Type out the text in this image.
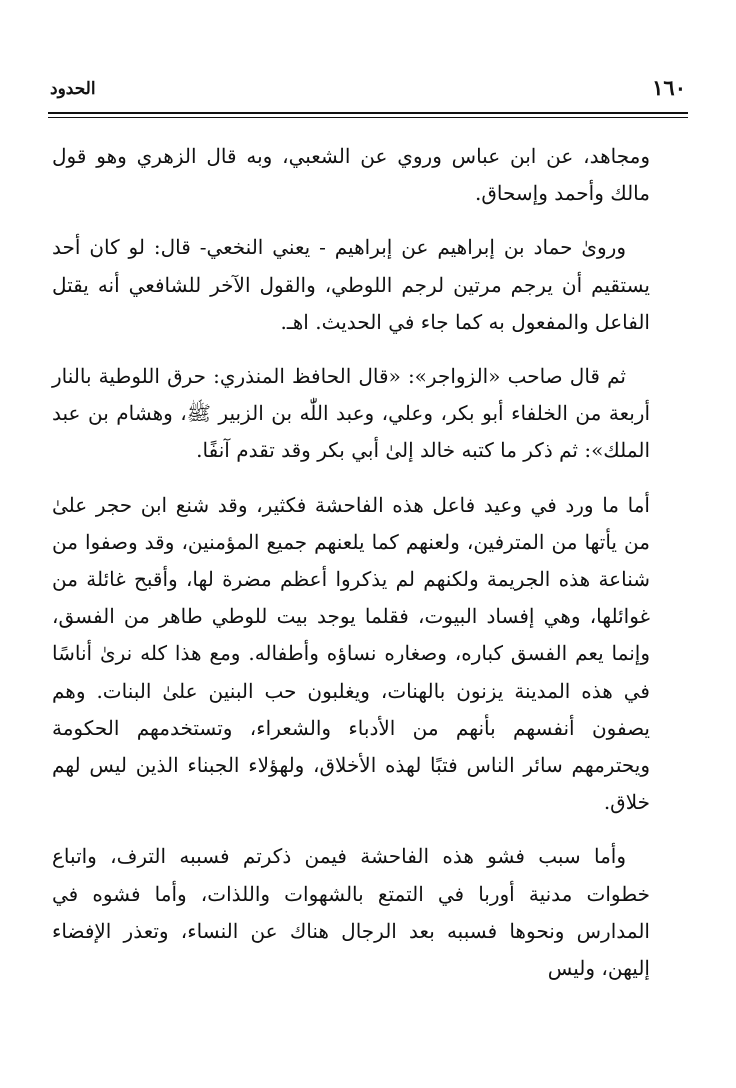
١٦٠
الحدود

ومجاهد، عن ابن عباس وروي عن الشعبي، وبه قال الزهري وهو قول مالك وأحمد وإسحاق.

ورویٰ حماد بن إبراهيم عن إبراهيم - يعني النخعي- قال: لو كان أحد يستقيم أن يرجم مرتين لرجم اللوطي، والقول الآخر للشافعي أنه يقتل الفاعل والمفعول به كما جاء في الحديث. اهـ.

ثم قال صاحب «الزواجر»: «قال الحافظ المنذري: حرق اللوطية بالنار أربعة من الخلفاء أبو بكر، وعلي، وعبد اللّٰه بن الزبير ﷺ، وهشام بن عبد الملك»: ثم ذكر ما كتبه خالد إلىٰ أبي بكر وقد تقدم آنفًا.

أما ما ورد في وعيد فاعل هذه الفاحشة فكثير، وقد شنع ابن حجر علىٰ من يأتها من المترفين، ولعنهم كما يلعنهم جميع المؤمنين، وقد وصفوا من شناعة هذه الجريمة ولكنهم لم يذكروا أعظم مضرة لها، وأقبح غائلة من غوائلها، وهي إفساد البيوت، فقلما يوجد بيت للوطي طاهر من الفسق، وإنما يعم الفسق كباره، وصغاره نساؤه وأطفاله. ومع هذا كله نرىٰ أناسًا في هذه المدينة يزنون بالهنات، ويغلبون حب البنين علىٰ البنات. وهم يصفون أنفسهم بأنهم من الأدباء والشعراء، وتستخدمهم الحكومة ويحترمهم سائر الناس فتبًا لهذه الأخلاق، ولهؤلاء الجبناء الذين ليس لهم خلاق.

وأما سبب فشو هذه الفاحشة فيمن ذكرتم فسببه الترف، واتباع خطوات مدنية أوربا في التمتع بالشهوات واللذات، وأما فشوه في المدارس ونحوها فسببه بعد الرجال هناك عن النساء، وتعذر الإفضاء إليهن، وليس
